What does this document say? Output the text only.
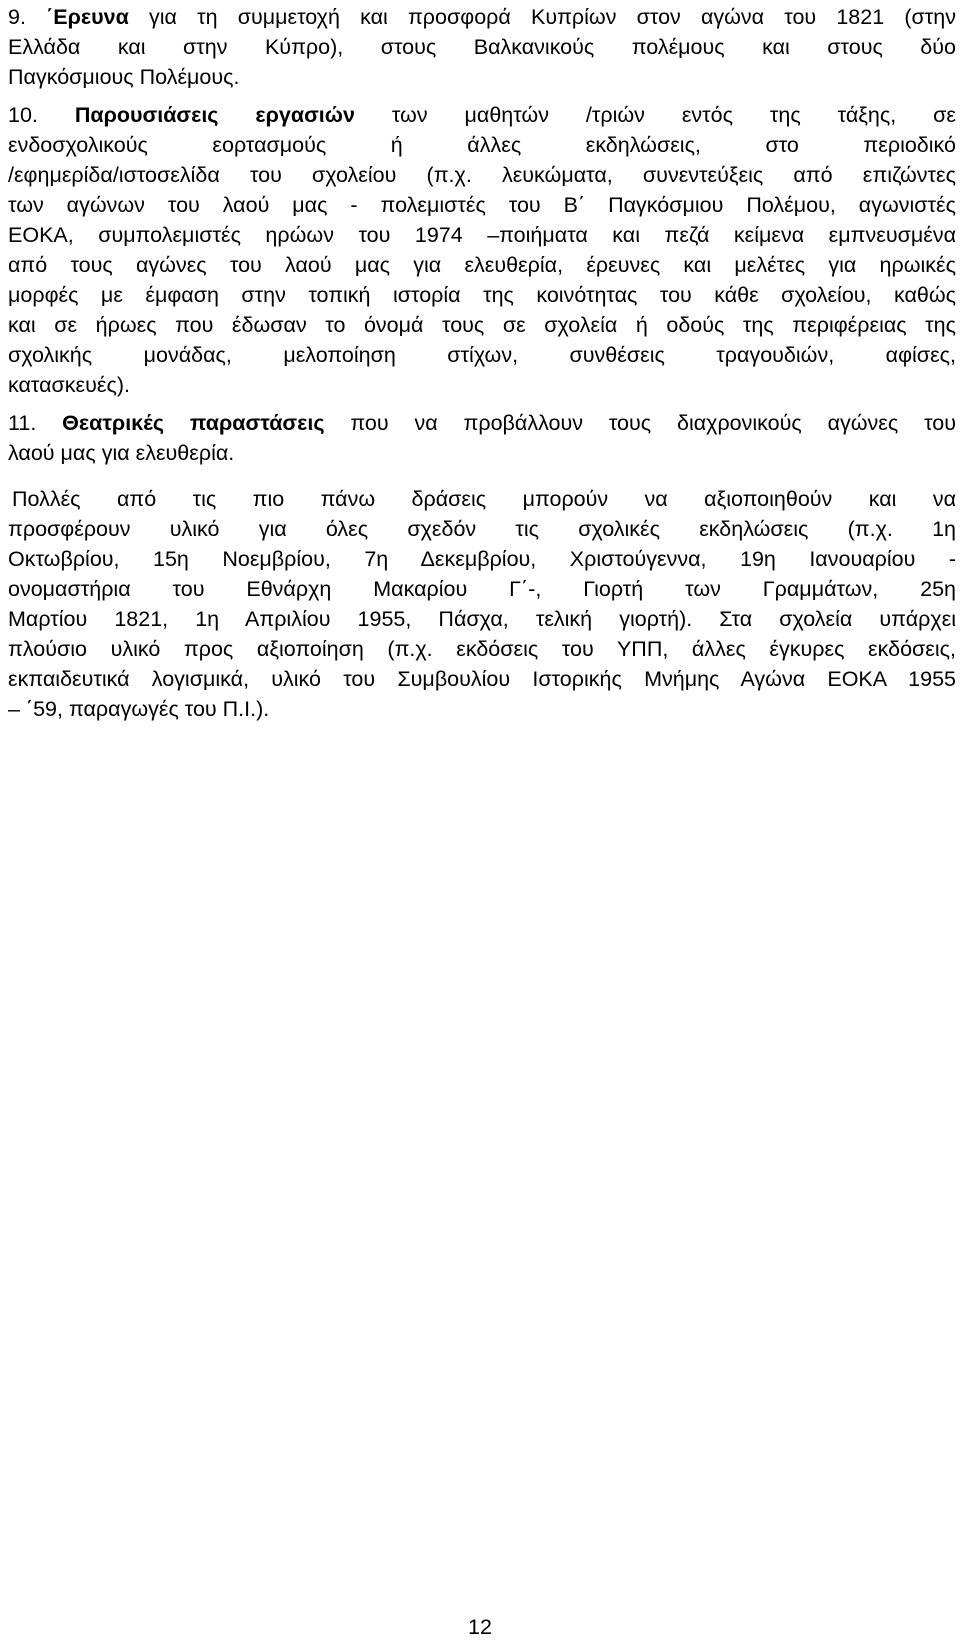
9. ΄Ερευνα για τη συμμετοχή και προσφορά Κυπρίων στον αγώνα του 1821 (στην
Ελλάδα και στην Κύπρο), στους Βαλκανικούς πολέμους και στους δύο
Παγκόσμιους Πολέμους.
10. Παρουσιάσεις εργασιών των μαθητών /τριών εντός της τάξης, σε
ενδοσχολικούς εορτασμούς ή άλλες εκδηλώσεις, στο περιοδικό
/εφημερίδα/ιστοσελίδα του σχολείου (π.χ. λευκώματα, συνεντεύξεις από επιζώντες
των αγώνων του λαού μας - πολεμιστές του Β΄ Παγκόσμιου Πολέμου, αγωνιστές
ΕΟΚΑ, συμπολεμιστές ηρώων του 1974 –ποιήματα και πεζά κείμενα εμπνευσμένα
από τους αγώνες του λαού μας για ελευθερία, έρευνες και μελέτες για ηρωικές
μορφές με έμφαση στην τοπική ιστορία της κοινότητας του κάθε σχολείου, καθώς
και σε ήρωες που έδωσαν το όνομά τους σε σχολεία ή οδούς της περιφέρειας της
σχολικής μονάδας, μελοποίηση στίχων, συνθέσεις τραγουδιών, αφίσες,
κατασκευές).
11. Θεατρικές παραστάσεις που να προβάλλουν τους διαχρονικούς αγώνες του
λαού μας για ελευθερία.
Πολλές από τις πιο πάνω δράσεις μπορούν να αξιοποιηθούν και να
προσφέρουν υλικό για όλες σχεδόν τις σχολικές εκδηλώσεις (π.χ. 1η
Οκτωβρίου, 15η Νοεμβρίου, 7η Δεκεμβρίου, Χριστούγεννα, 19η Ιανουαρίου -
ονομαστήρια του Εθνάρχη Μακαρίου Γ΄-, Γιορτή των Γραμμάτων, 25η
Μαρτίου 1821, 1η Απριλίου 1955, Πάσχα, τελική γιορτή). Στα σχολεία υπάρχει
πλούσιο υλικό προς αξιοποίηση (π.χ. εκδόσεις του ΥΠΠ, άλλες έγκυρες εκδόσεις,
εκπαιδευτικά λογισμικά, υλικό του Συμβουλίου Ιστορικής Μνήμης Αγώνα ΕΟΚΑ 1955
– ΄59, παραγωγές του Π.Ι.).
12
